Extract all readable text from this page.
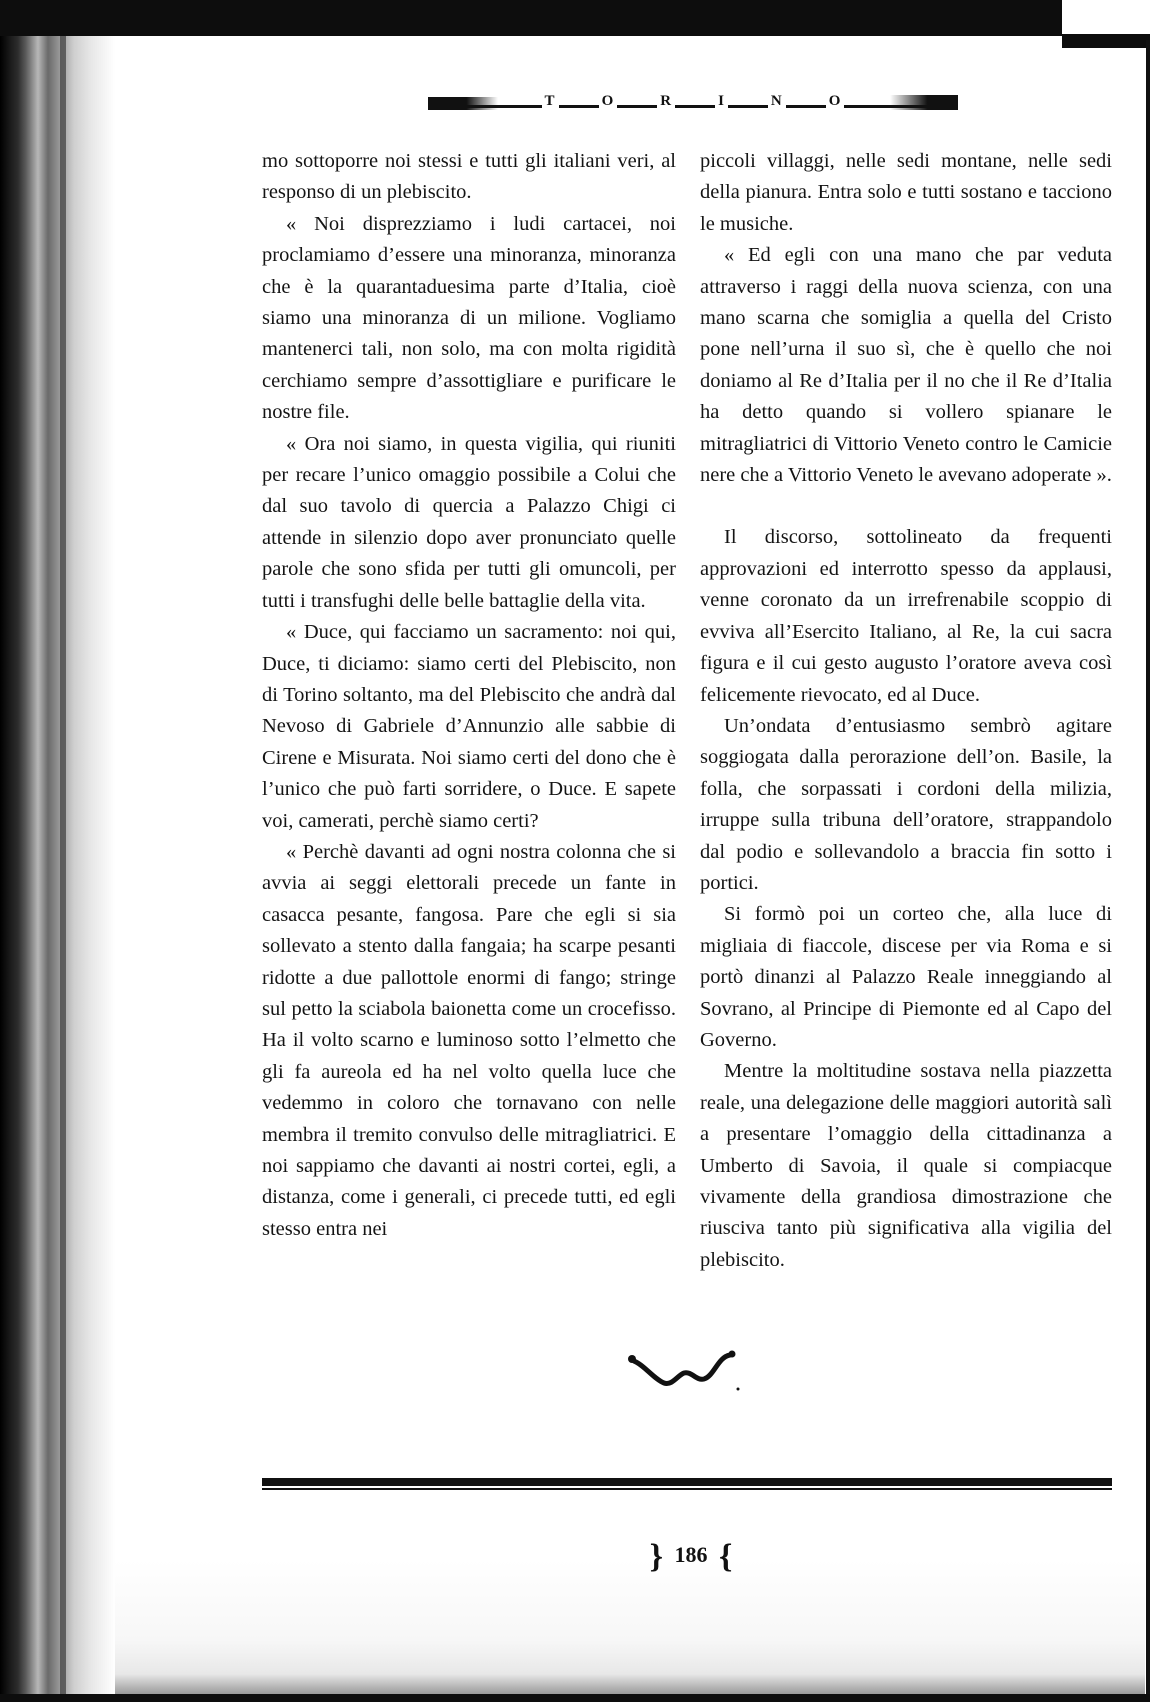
T	O	R	I	N	O

mo sottoporre noi stessi e tutti gli italiani veri, al responso di un plebiscito.

« Noi disprezziamo i ludi cartacei, noi proclamiamo d’essere una minoranza, minoranza che è la quarantaduesima parte d’Italia, cioè siamo una minoranza di un milione. Vogliamo mantenerci tali, non solo, ma con molta rigidità cerchiamo sempre d’assottigliare e purificare le nostre file.

« Ora noi siamo, in questa vigilia, qui riuniti per recare l’unico omaggio possibile a Colui che dal suo tavolo di quercia a Palazzo Chigi ci attende in silenzio dopo aver pronunciato quelle parole che sono sfida per tutti gli omuncoli, per tutti i transfughi delle belle battaglie della vita.

« Duce, qui facciamo un sacramento: noi qui, Duce, ti diciamo: siamo certi del Plebiscito, non di Torino soltanto, ma del Plebiscito che andrà dal Nevoso di Gabriele d’Annunzio alle sabbie di Cirene e Misurata. Noi siamo certi del dono che è l’unico che può farti sorridere, o Duce. E sapete voi, camerati, perchè siamo certi?

« Perchè davanti ad ogni nostra colonna che si avvia ai seggi elettorali precede un fante in casacca pesante, fangosa. Pare che egli si sia sollevato a stento dalla fangaia; ha scarpe pesanti ridotte a due pallottole enormi di fango; stringe sul petto la sciabola baionetta come un crocefisso. Ha il volto scarno e luminoso sotto l’elmetto che gli fa aureola ed ha nel volto quella luce che vedemmo in coloro che tornavano con nelle membra il tremito convulso delle mitragliatrici. E noi sappiamo che davanti ai nostri cortei, egli, a distanza, come i generali, ci precede tutti, ed egli stesso entra nei

piccoli villaggi, nelle sedi montane, nelle sedi della pianura. Entra solo e tutti sostano e tacciono le musiche.

« Ed egli con una mano che par veduta attraverso i raggi della nuova scienza, con una mano scarna che somiglia a quella del Cristo pone nell’urna il suo sì, che è quello che noi doniamo al Re d’Italia per il no che il Re d’Italia ha detto quando si vollero spianare le mitragliatrici di Vittorio Veneto contro le Camicie nere che a Vittorio Veneto le avevano adoperate ».

Il discorso, sottolineato da frequenti approvazioni ed interrotto spesso da applausi, venne coronato da un irrefrenabile scoppio di evviva all’Esercito Italiano, al Re, la cui sacra figura e il cui gesto augusto l’oratore aveva così felicemente rievocato, ed al Duce.

Un’ondata d’entusiasmo sembrò agitare soggiogata dalla perorazione dell’on. Basile, la folla, che sorpassati i cordoni della milizia, irruppe sulla tribuna dell’oratore, strappandolo dal podio e sollevandolo a braccia fin sotto i portici.

Si formò poi un corteo che, alla luce di migliaia di fiaccole, discese per via Roma e si portò dinanzi al Palazzo Reale inneggiando al Sovrano, al Principe di Piemonte ed al Capo del Governo.

Mentre la moltitudine sostava nella piazzetta reale, una delegazione delle maggiori autorità salì a presentare l’omaggio della cittadinanza a Umberto di Savoia, il quale si compiacque vivamente della grandiosa dimostrazione che riusciva tanto più significativa alla vigilia del plebiscito.

} 186 {
